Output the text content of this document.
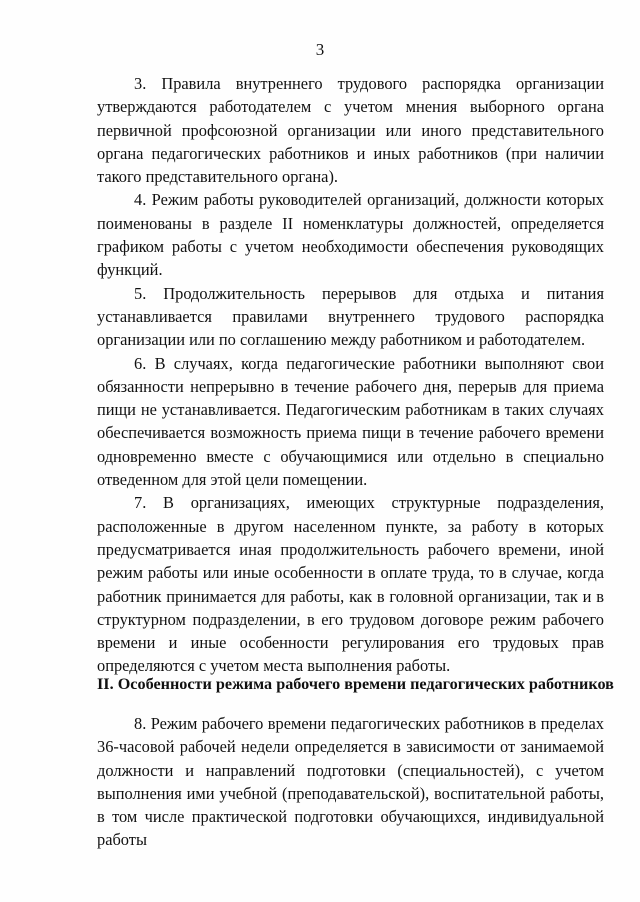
3

3. Правила внутреннего трудового распорядка организации утверждаются работодателем с учетом мнения выборного органа первичной профсоюзной организации или иного представительного органа педагогических работников и иных работников (при наличии такого представительного органа).

4. Режим работы руководителей организаций, должности которых поименованы в разделе II номенклатуры должностей, определяется графиком работы с учетом необходимости обеспечения руководящих функций.

5. Продолжительность перерывов для отдыха и питания устанавливается правилами внутреннего трудового распорядка организации или по соглашению между работником и работодателем.

6. В случаях, когда педагогические работники выполняют свои обязанности непрерывно в течение рабочего дня, перерыв для приема пищи не устанавливается. Педагогическим работникам в таких случаях обеспечивается возможность приема пищи в течение рабочего времени одновременно вместе с обучающимися или отдельно в специально отведенном для этой цели помещении.

7. В организациях, имеющих структурные подразделения, расположенные в другом населенном пункте, за работу в которых предусматривается иная продолжительность рабочего времени, иной режим работы или иные особенности в оплате труда, то в случае, когда работник принимается для работы, как в головной организации, так и в структурном подразделении, в его трудовом договоре режим рабочего времени и иные особенности регулирования его трудовых прав определяются с учетом места выполнения работы.

II. Особенности режима рабочего времени педагогических работников

8. Режим рабочего времени педагогических работников в пределах 36-часовой рабочей недели определяется в зависимости от занимаемой должности и направлений подготовки (специальностей), с учетом выполнения ими учебной (преподавательской), воспитательной работы, в том числе практической подготовки обучающихся, индивидуальной работы
